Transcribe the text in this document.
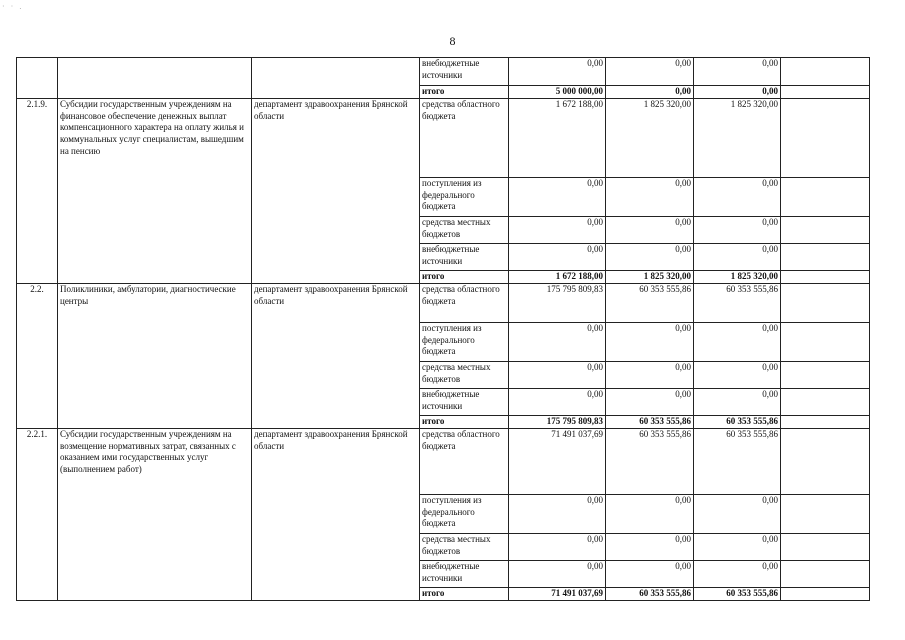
· · .
8
			внебюджетные источники	0,00	0,00	0,00	
			итого	5 000 000,00	0,00	0,00	
2.1.9.	Субсидии государственным учреждениям на финансовое обеспечение денежных выплат компенсационного характера на оплату жилья и коммунальных услуг специалистам, вышедшим на пенсию	департамент здравоохранения Брянской области	средства областного бюджета	1 672 188,00	1 825 320,00	1 825 320,00	
			поступления из федерального бюджета	0,00	0,00	0,00	
			средства местных бюджетов	0,00	0,00	0,00	
			внебюджетные источники	0,00	0,00	0,00	
			итого	1 672 188,00	1 825 320,00	1 825 320,00	
2.2.	Поликлиники, амбулатории, диагностические центры	департамент здравоохранения Брянской области	средства областного бюджета	175 795 809,83	60 353 555,86	60 353 555,86	
			поступления из федерального бюджета	0,00	0,00	0,00	
			средства местных бюджетов	0,00	0,00	0,00	
			внебюджетные источники	0,00	0,00	0,00	
			итого	175 795 809,83	60 353 555,86	60 353 555,86	
2.2.1.	Субсидии государственным учреждениям на возмещение нормативных затрат, связанных с оказанием ими государственных услуг (выполнением работ)	департамент здравоохранения Брянской области	средства областного бюджета	71 491 037,69	60 353 555,86	60 353 555,86	
			поступления из федерального бюджета	0,00	0,00	0,00	
			средства местных бюджетов	0,00	0,00	0,00	
			внебюджетные источники	0,00	0,00	0,00	
			итого	71 491 037,69	60 353 555,86	60 353 555,86	
